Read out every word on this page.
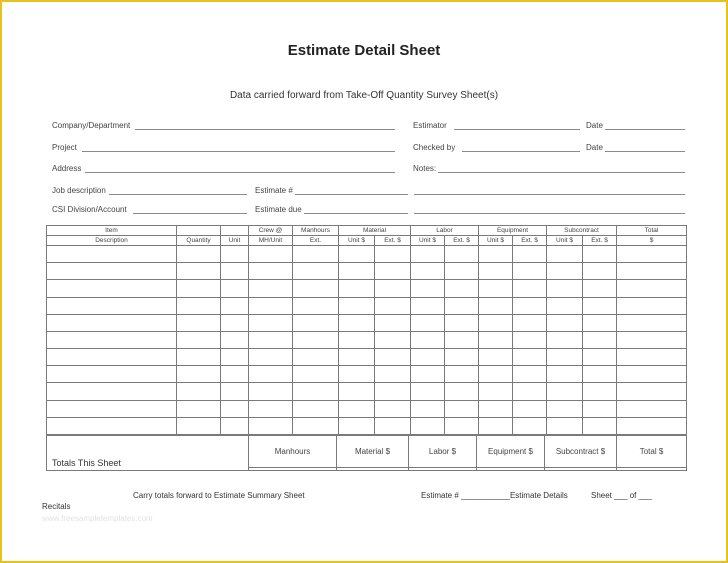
Estimate Detail Sheet
Data carried forward from Take-Off Quantity Survey Sheet(s)
Company/Department	Estimator	Date
Project	Checked by	Date
Address	Notes:
Job description	Estimate #
CSI Division/Account	Estimate due
Item			Crew @	Manhours	Material		Labor		Equipment		Subcontract		Total
Description	Quantity	Unit	MH/Unit	Ext.	Unit $	Ext. $	Unit $	Ext. $	Unit $	Ext. $	Unit $	Ext. $	$

Totals This Sheet	Manhours	Material $	Labor $	Equipment $	Subcontract $	Total $

Carry totals forward to Estimate Summary Sheet	Estimate # ___________Estimate Details	Sheet ___ of ___
Recitals
www.freesampletemplates.com
